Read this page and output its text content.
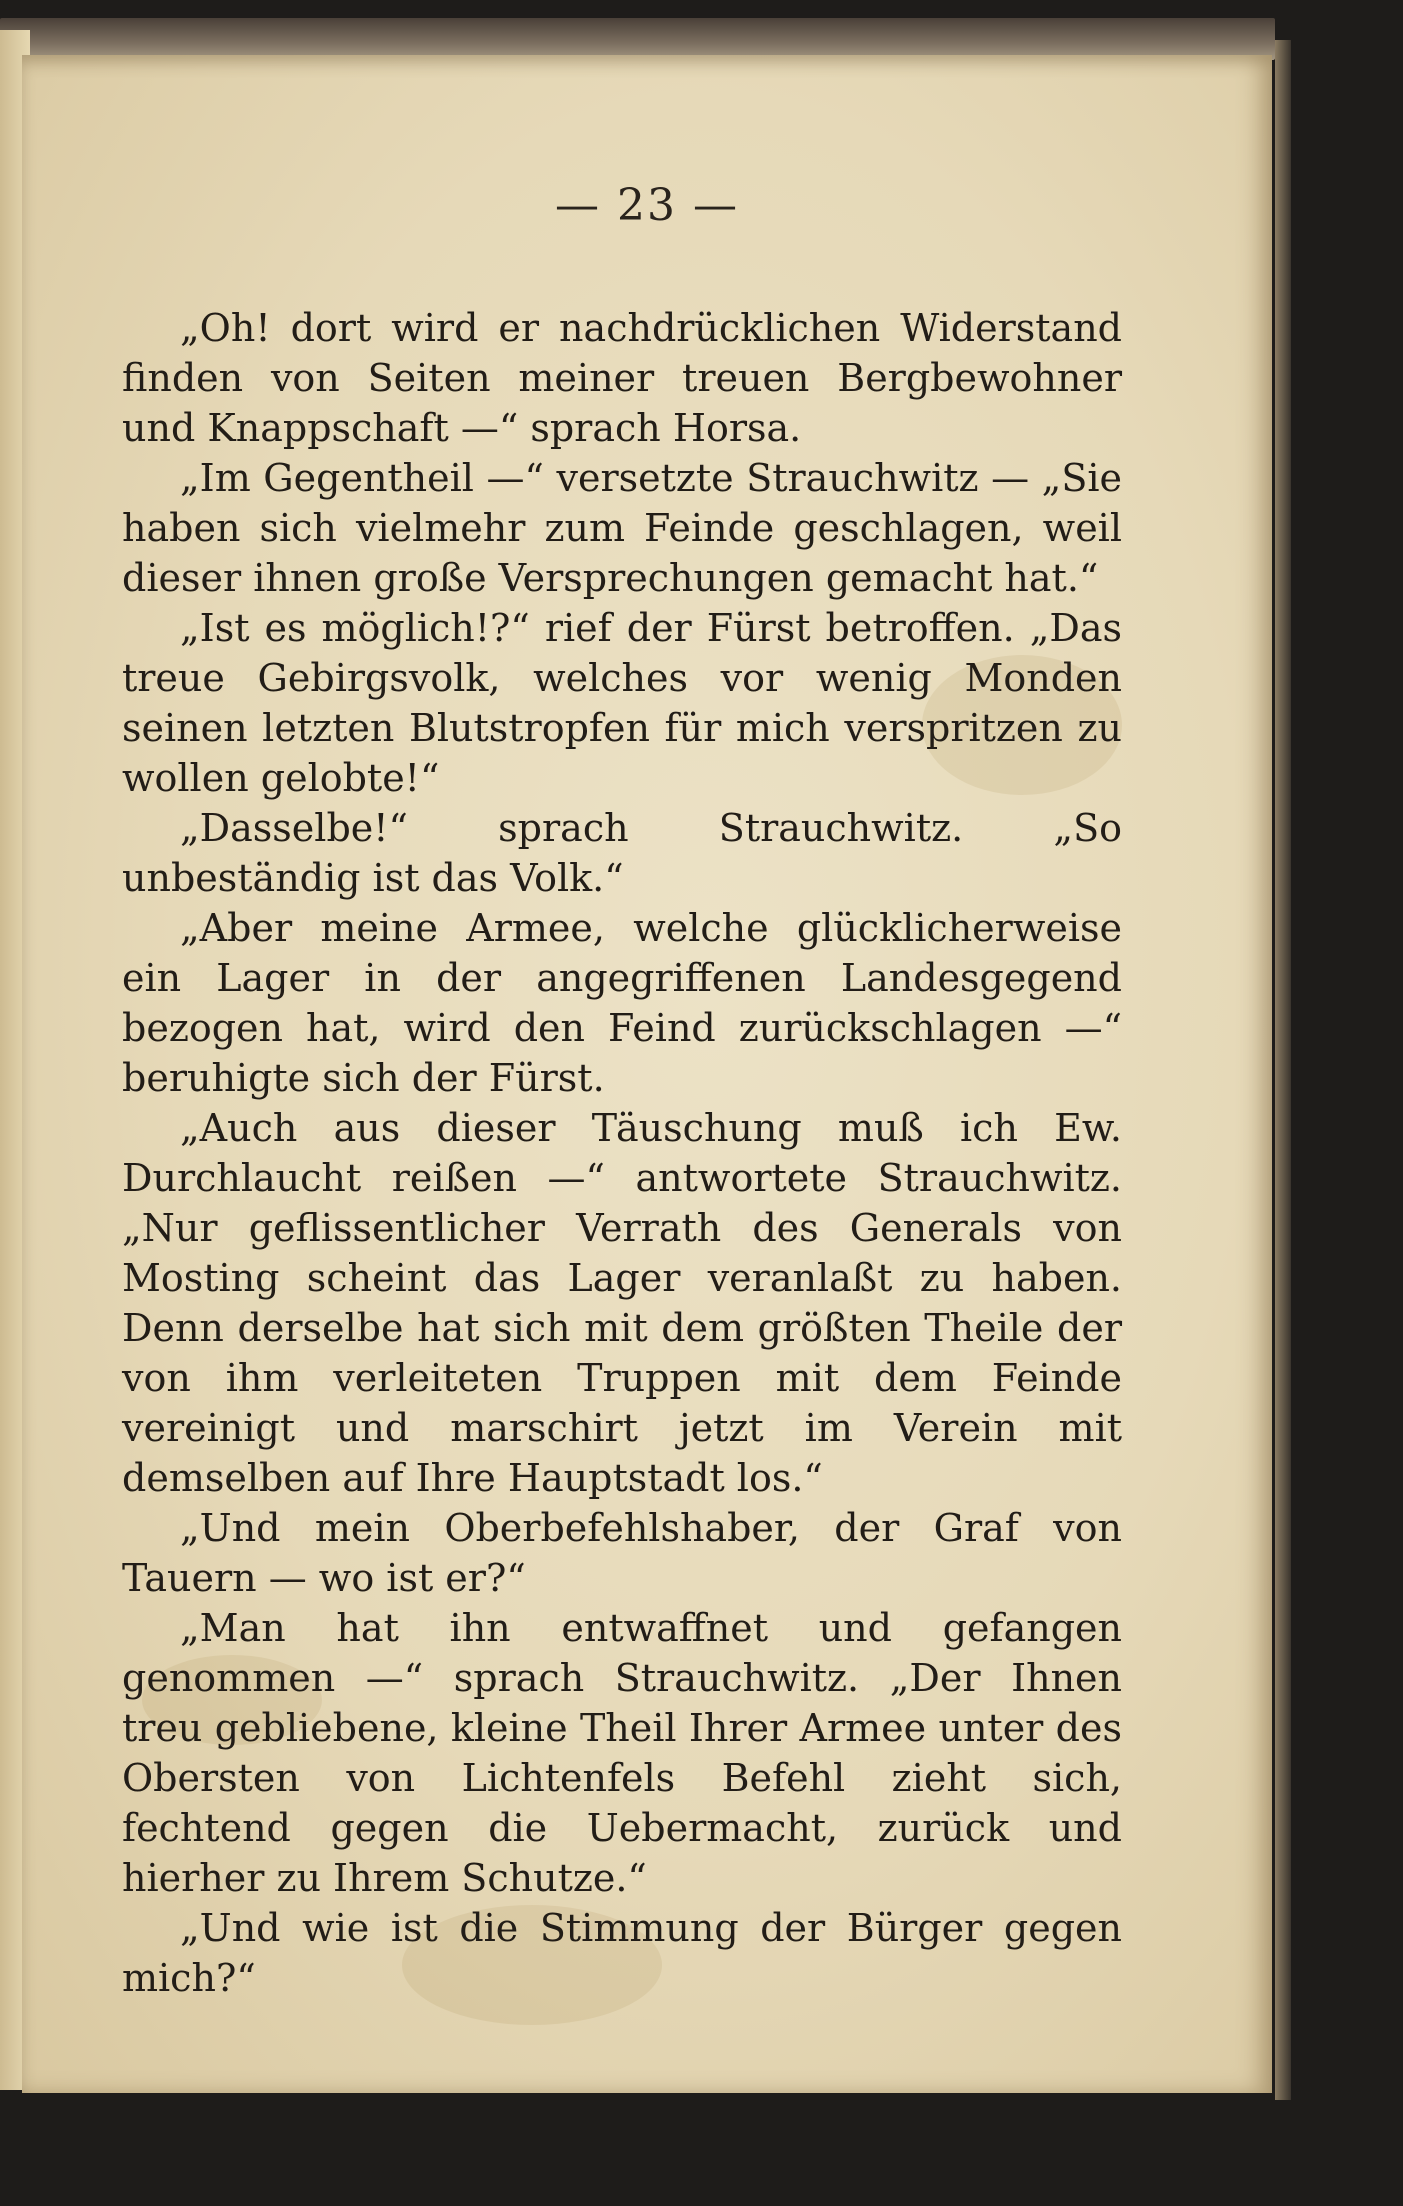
— 23 —

„Oh! dort wird er nachdrücklichen Widerstand finden von Seiten meiner treuen Bergbewohner und Knappschaft —“ sprach Horsa.

„Im Gegentheil —“ versetzte Strauchwitz — „Sie haben sich vielmehr zum Feinde geschlagen, weil dieser ihnen große Versprechungen gemacht hat.“

„Ist es möglich!?“ rief der Fürst betroffen. „Das treue Gebirgsvolk, welches vor wenig Monden seinen letzten Blutstropfen für mich verspritzen zu wollen gelobte!“

„Dasselbe!“ sprach Strauchwitz. „So unbeständig ist das Volk.“

„Aber meine Armee, welche glücklicherweise ein Lager in der angegriffenen Landesgegend bezogen hat, wird den Feind zurückschlagen —“ beruhigte sich der Fürst.

„Auch aus dieser Täuschung muß ich Ew. Durchlaucht reißen —“ antwortete Strauchwitz. „Nur geflissentlicher Verrath des Generals von Mosting scheint das Lager veranlaßt zu haben. Denn derselbe hat sich mit dem größten Theile der von ihm verleiteten Truppen mit dem Feinde vereinigt und marschirt jetzt im Verein mit demselben auf Ihre Hauptstadt los.“

„Und mein Oberbefehlshaber, der Graf von Tauern — wo ist er?“

„Man hat ihn entwaffnet und gefangen genommen —“ sprach Strauchwitz. „Der Ihnen treu gebliebene, kleine Theil Ihrer Armee unter des Obersten von Lichtenfels Befehl zieht sich, fechtend gegen die Uebermacht, zurück und hierher zu Ihrem Schutze.“

„Und wie ist die Stimmung der Bürger gegen mich?“
